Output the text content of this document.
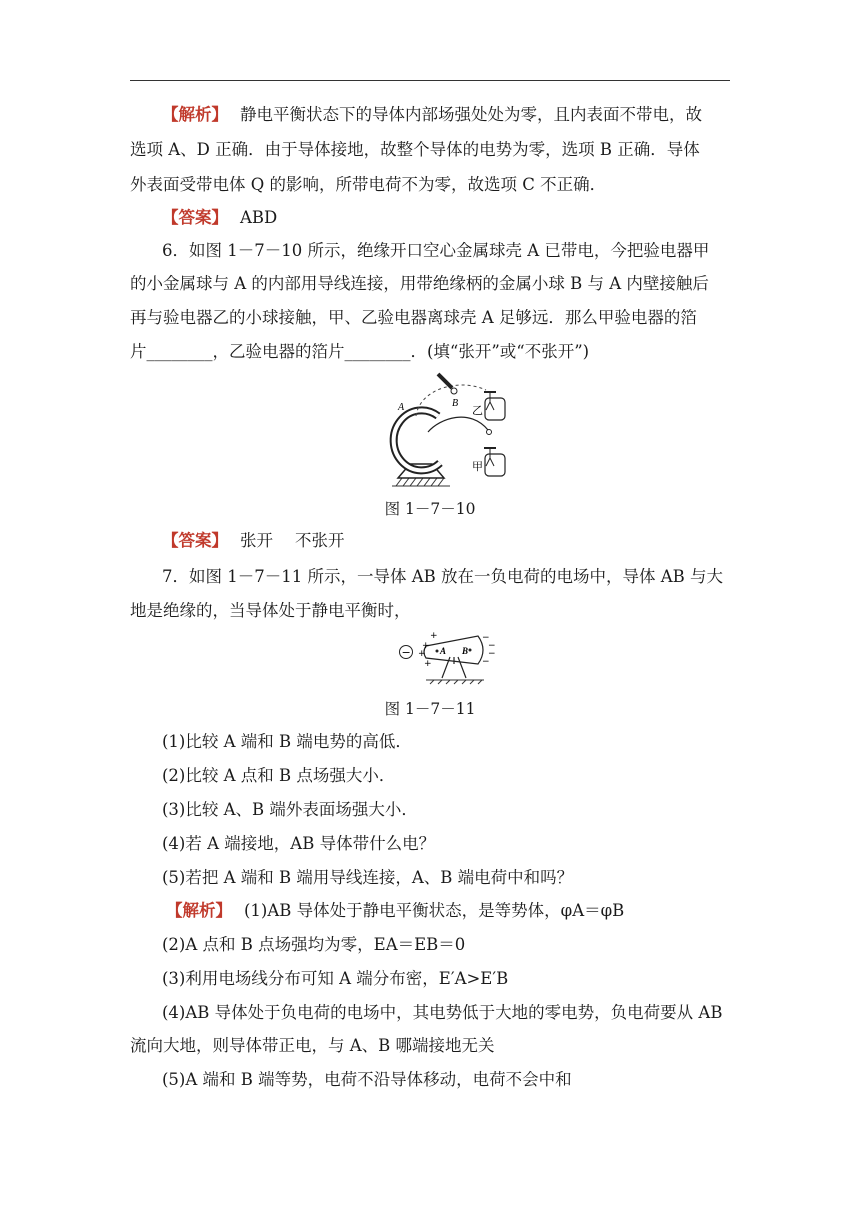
【解析】 静电平衡状态下的导体内部场强处处为零，且内表面不带电，故
选项 A、D 正确．由于导体接地，故整个导体的电势为零，选项 B 正确．导体
外表面受带电体 Q 的影响，所带电荷不为零，故选项 C 不正确．
【答案】 ABD
6．如图 1－7－10 所示，绝缘开口空心金属球壳 A 已带电，今把验电器甲
的小金属球与 A 的内部用导线连接，用带绝缘柄的金属小球 B 与 A 内壁接触后
再与验电器乙的小球接触，甲、乙验电器离球壳 A 足够远．那么甲验电器的箔
片________，乙验电器的箔片________．(填“张开”或“不张开”)
A	B
乙
甲
图 1－7－10
【答案】 张开 不张开
7．如图 1－7－11 所示，一导体 AB 放在一负电荷的电场中，导体 AB 与大
地是绝缘的，当导体处于静电平衡时，
−
+
+
+
+
−
−
−
−
A B
图 1－7－11
(1)比较 A 端和 B 端电势的高低．
(2)比较 A 点和 B 点场强大小．
(3)比较 A、B 端外表面场强大小．
(4)若 A 端接地，AB 导体带什么电？
(5)若把 A 端和 B 端用导线连接，A、B 端电荷中和吗？
【解析】 (1)AB 导体处于静电平衡状态，是等势体，φA＝φB
(2)A 点和 B 点场强均为零，EA＝EB＝0
(3)利用电场线分布可知 A 端分布密，E′A>E′B
(4)AB 导体处于负电荷的电场中，其电势低于大地的零电势，负电荷要从 AB
流向大地，则导体带正电，与 A、B 哪端接地无关
(5)A 端和 B 端等势，电荷不沿导体移动，电荷不会中和
